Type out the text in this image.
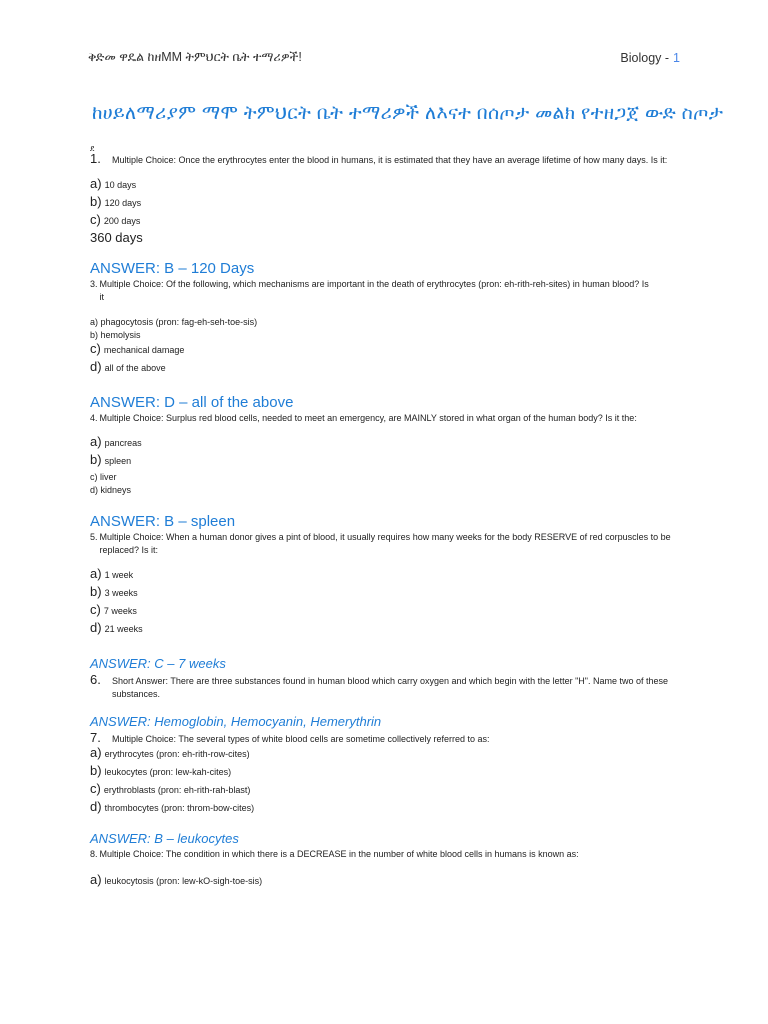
ቅድመ ዋዴል ከዘMM ትምህርት ቤት ተማሪዎች!	Biology - 1
ከሀይለማሪያም ማሞ ትምህርት ቤት ተማሪዎች ለእናተ በሰጦታ መልክ የተዘጋጀ ውድ ስጦታ
ደ
1.	Multiple Choice: Once the erythrocytes enter the blood in humans, it is estimated that they have an average lifetime of how many days. Is it:
a) 10 days
b) 120 days
c) 200 days
360 days
ANSWER: B – 120 Days
3. Multiple Choice: Of the following, which mechanisms are important in the death of erythrocytes (pron: eh-rith-reh-sites) in human blood? Is it
a)
phagocytosis (pron: fag-eh-seh-toe-sis)
b)
hemolysis
c) mechanical damage
d) all of the above
ANSWER: D – all of the above
4. Multiple Choice: Surplus red blood cells, needed to meet an emergency, are MAINLY stored in what organ of the human body? Is it the:
a) pancreas
b) spleen
c)
liver
d)
kidneys
ANSWER: B – spleen
5. Multiple Choice: When a human donor gives a pint of blood, it usually requires how many weeks for the body RESERVE of red corpuscles to be replaced? Is it:
a) 1 week
b) 3 weeks
c) 7 weeks
d) 21 weeks
ANSWER: C – 7 weeks
6.	Short Answer: There are three substances found in human blood which carry oxygen and which begin with the letter "H". Name two of these substances.
ANSWER: Hemoglobin, Hemocyanin, Hemerythrin
7.	Multiple Choice: The several types of white blood cells are sometime collectively referred to as:
a) erythrocytes (pron: eh-rith-row-cites)
b) leukocytes (pron: lew-kah-cites)
c) erythroblasts (pron: eh-rith-rah-blast)
d) thrombocytes (pron: throm-bow-cites)
ANSWER: B – leukocytes
8. Multiple Choice: The condition in which there is a DECREASE in the number of white blood cells in humans is known as:
a) leukocytosis (pron: lew-kO-sigh-toe-sis)
